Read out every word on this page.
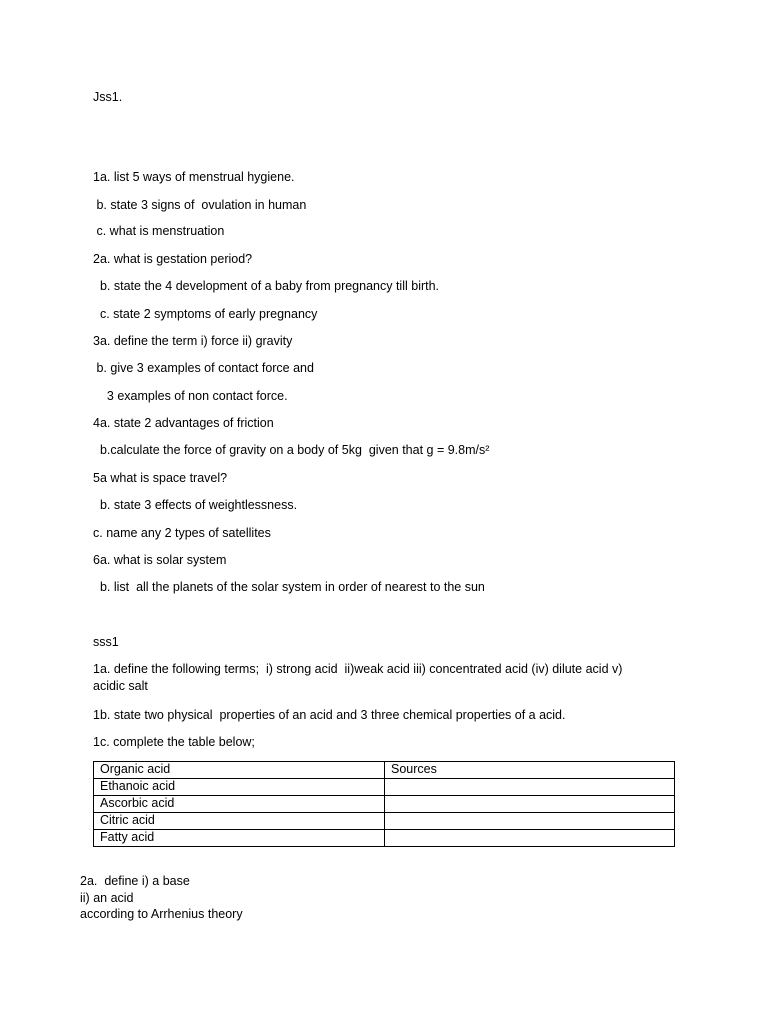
Jss1.
1a. list 5 ways of menstrual hygiene.
b. state 3 signs of  ovulation in human
c. what is menstruation
2a. what is gestation period?
b. state the 4 development of a baby from pregnancy till birth.
c. state 2 symptoms of early pregnancy
3a. define the term i) force ii) gravity
b. give 3 examples of contact force and
3 examples of non contact force.
4a. state 2 advantages of friction
b.calculate the force of gravity on a body of 5kg  given that g = 9.8m/s²
5a what is space travel?
b. state 3 effects of weightlessness.
c. name any 2 types of satellites
6a. what is solar system
b. list  all the planets of the solar system in order of nearest to the sun
sss1
1a. define the following terms;  i) strong acid  ii)weak acid iii) concentrated acid (iv) dilute acid v)
acidic salt
1b. state two physical  properties of an acid and 3 three chemical properties of a acid.
1c. complete the table below;
Organic acid	Sources
Ethanoic acid	
Ascorbic acid	
Citric acid	
Fatty acid	
2a.  define i) a base
ii) an acid
according to Arrhenius theory
